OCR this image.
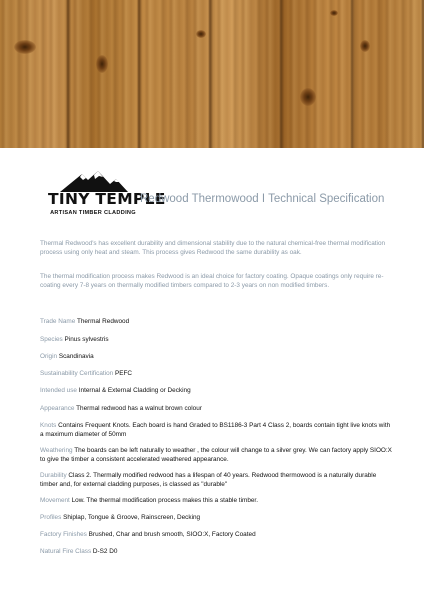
TINY TEMPLE
ARTISAN TIMBER CLADDING
Redwood Thermowood I Technical Specification

Thermal Redwood's has excellent durability and dimensional stability due to the natural chemical-free thermal modification process using only heat and steam. This process gives Redwood the same durability as oak.

The thermal modification process makes Redwood is an ideal choice for factory coating. Opaque coatings only require re-coating every 7-8 years on thermally modified timbers compared to 2-3 years on non modified timbers.

Trade Name Thermal Redwood

Species Pinus sylvestris

Origin Scandinavia

Sustainability Certification PEFC

Intended use Internal & External Cladding or Decking

Appearance Thermal redwood has a walnut brown colour

Knots Contains Frequent Knots. Each board is hand Graded to BS1186-3 Part 4 Class 2, boards contain tight live knots with a maximum diameter of 50mm

Weathering The boards can be left naturally to weather , the colour will change to a silver grey. We can factory apply SIOO:X to give the timber a consistent accelerated weathered appearance.

Durability Class 2. Thermally modified redwood has a lifespan of 40 years. Redwood thermowood is a naturally durable timber and, for external cladding purposes, is classed as "durable"

Movement Low. The thermal modification process makes this a stable timber.

Profiles Shiplap, Tongue & Groove, Rainscreen, Decking

Factory Finishes Brushed, Char and brush smooth, SIOO:X, Factory Coated

Natural Fire Class D-S2 D0
